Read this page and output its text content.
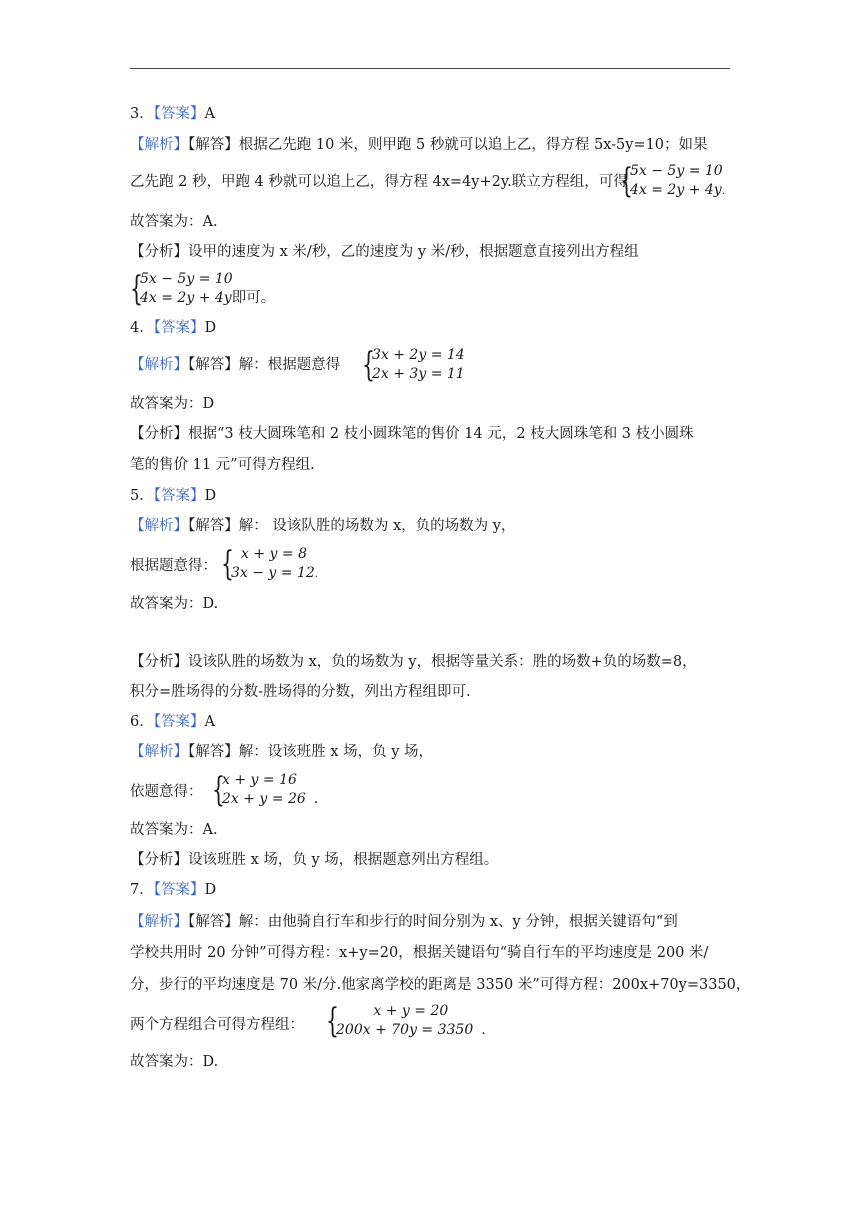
3．【答案】A
【解析】【解答】根据乙先跑 10 米，则甲跑 5 秒就可以追上乙，得方程 5x-5y=10；如果
乙先跑 2 秒，甲跑 4 秒就可以追上乙，得方程 4x=4y+2y.联立方程组，可得
{
5x − 5y = 10
4x = 2y + 4y.
故答案为：A.
【分析】设甲的速度为 x 米/秒，乙的速度为 y 米/秒，根据题意直接列出方程组
{
5x − 5y = 10
4x = 2y + 4y即可。
4．【答案】D
【解析】【解答】解：根据题意得 {
3x + 2y = 14
2x + 3y = 11
故答案为：D
【分析】根据“3 枝大圆珠笔和 2 枝小圆珠笔的售价 14 元，2 枝大圆珠笔和 3 枝小圆珠
笔的售价 11 元”可得方程组.
5．【答案】D
【解析】【解答】解： 设该队胜的场数为 x，负的场数为 y，
根据题意得： { x + y = 8
3x − y = 12.
故答案为：D.
【分析】设该队胜的场数为 x，负的场数为 y，根据等量关系：胜的场数+负的场数=8，
积分=胜场得的分数-胜场得的分数，列出方程组即可.
6．【答案】A
【解析】【解答】解：设该班胜 x 场，负 y 场，
依题意得： {
x + y = 16
2x + y = 26 .
故答案为：A.
【分析】设该班胜 x 场，负 y 场，根据题意列出方程组。
7．【答案】D
【解析】【解答】解：由他骑自行车和步行的时间分别为 x、y 分钟，根据关键语句“到
学校共用时 20 分钟”可得方程：x+y=20，根据关键语句“骑自行车的平均速度是 200 米/
分，步行的平均速度是 70 米/分.他家离学校的距离是 3350 米”可得方程：200x+70y=3350，
两个方程组合可得方程组： {	x + y = 20
200x + 70y = 3350 .
故答案为：D.
